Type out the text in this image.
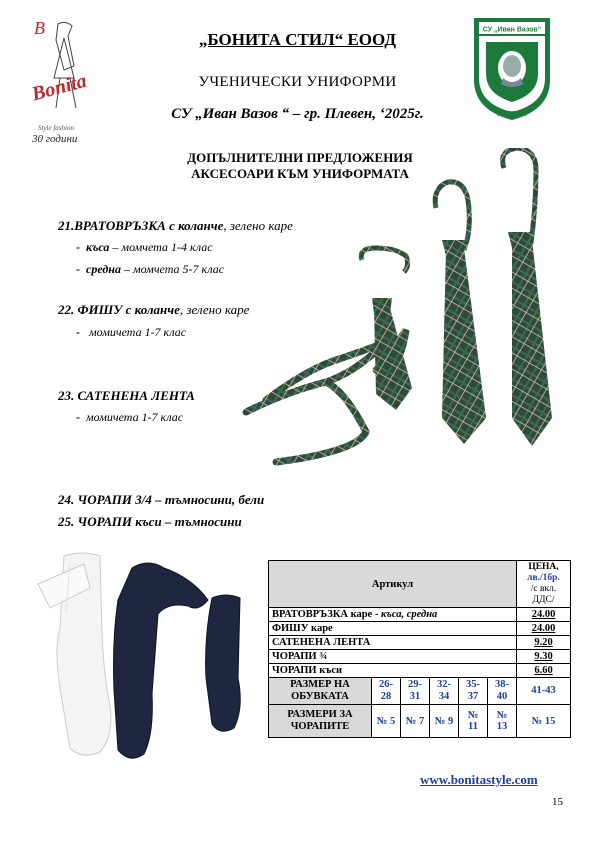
B
Bonita
Style fashion
30 години
СУ „Иван Вазов“
ПЛЕВЕН
„БОНИТА СТИЛ“ ЕООД
УЧЕНИЧЕСКИ УНИФОРМИ
СУ „Иван Вазов “ – гр. Плевен, ‘2025г.
ДОПЪЛНИТЕЛНИ ПРЕДЛОЖЕНИЯ
АКСЕСОАРИ КЪМ УНИФОРМАТА
21.ВРАТОВРЪЗКА с коланче, зелено каре
- къса – момчета 1-4 клас
- средна – момчета 5-7 клас
22. ФИШУ с коланче, зелено каре
- момичета 1-7 клас
23. САТЕНЕНА ЛЕНТА
- момичета 1-7 клас
24. ЧОРАПИ 3/4 – тъмносини, бели
25. ЧОРАПИ къси – тъмносини
Артикул						ЦЕНА, лв./1бр.
/с вкл. ДДС/
ВРАТОВРЪЗКА каре - къса, средна						24.00
ФИШУ каре						24.00
САТЕНЕНА ЛЕНТА						9.20
ЧОРАПИ ¾						9.30
ЧОРАПИ къси						6.60
РАЗМЕР НА ОБУВКАТА	26-28	29-31	32-34	35-37	38-40	41-43
РАЗМЕРИ ЗА ЧОРАПИТЕ	№ 5	№ 7	№ 9	№ 11	№ 13	№ 15
www.bonitastyle.com
15
